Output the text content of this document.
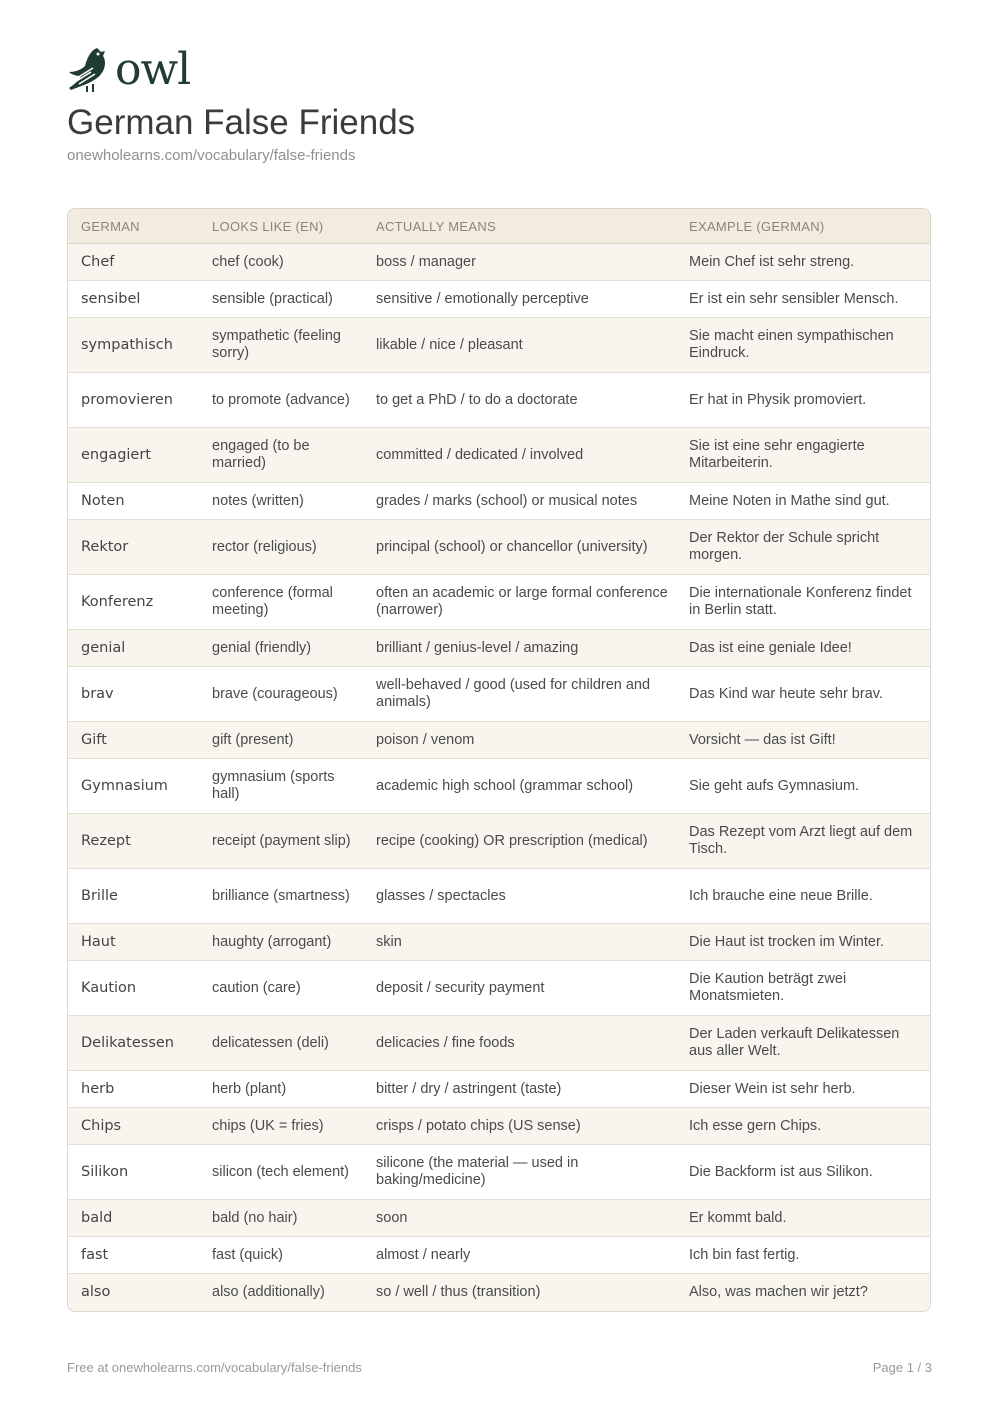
owl
German False Friends
onewholearns.com/vocabulary/false-friends
GERMAN	LOOKS LIKE (EN)	ACTUALLY MEANS	EXAMPLE (GERMAN)
Chef	chef (cook)	boss / manager	Mein Chef ist sehr streng.
sensibel	sensible (practical)	sensitive / emotionally perceptive	Er ist ein sehr sensibler Mensch.
sympathisch	sympathetic (feeling sorry)	likable / nice / pleasant	Sie macht einen sympathischen Eindruck.
promovieren	to promote (advance)	to get a PhD / to do a doctorate	Er hat in Physik promoviert.
engagiert	engaged (to be married)	committed / dedicated / involved	Sie ist eine sehr engagierte Mitarbeiterin.
Noten	notes (written)	grades / marks (school) or musical notes	Meine Noten in Mathe sind gut.
Rektor	rector (religious)	principal (school) or chancellor (university)	Der Rektor der Schule spricht morgen.
Konferenz	conference (formal meeting)	often an academic or large formal conference (narrower)	Die internationale Konferenz findet in Berlin statt.
genial	genial (friendly)	brilliant / genius-level / amazing	Das ist eine geniale Idee!
brav	brave (courageous)	well-behaved / good (used for children and animals)	Das Kind war heute sehr brav.
Gift	gift (present)	poison / venom	Vorsicht — das ist Gift!
Gymnasium	gymnasium (sports hall)	academic high school (grammar school)	Sie geht aufs Gymnasium.
Rezept	receipt (payment slip)	recipe (cooking) OR prescription (medical)	Das Rezept vom Arzt liegt auf dem Tisch.
Brille	brilliance (smartness)	glasses / spectacles	Ich brauche eine neue Brille.
Haut	haughty (arrogant)	skin	Die Haut ist trocken im Winter.
Kaution	caution (care)	deposit / security payment	Die Kaution beträgt zwei Monatsmieten.
Delikatessen	delicatessen (deli)	delicacies / fine foods	Der Laden verkauft Delikatessen aus aller Welt.
herb	herb (plant)	bitter / dry / astringent (taste)	Dieser Wein ist sehr herb.
Chips	chips (UK = fries)	crisps / potato chips (US sense)	Ich esse gern Chips.
Silikon	silicon (tech element)	silicone (the material — used in baking/medicine)	Die Backform ist aus Silikon.
bald	bald (no hair)	soon	Er kommt bald.
fast	fast (quick)	almost / nearly	Ich bin fast fertig.
also	also (additionally)	so / well / thus (transition)	Also, was machen wir jetzt?
Free at onewholearns.com/vocabulary/false-friends	Page 1 / 3
